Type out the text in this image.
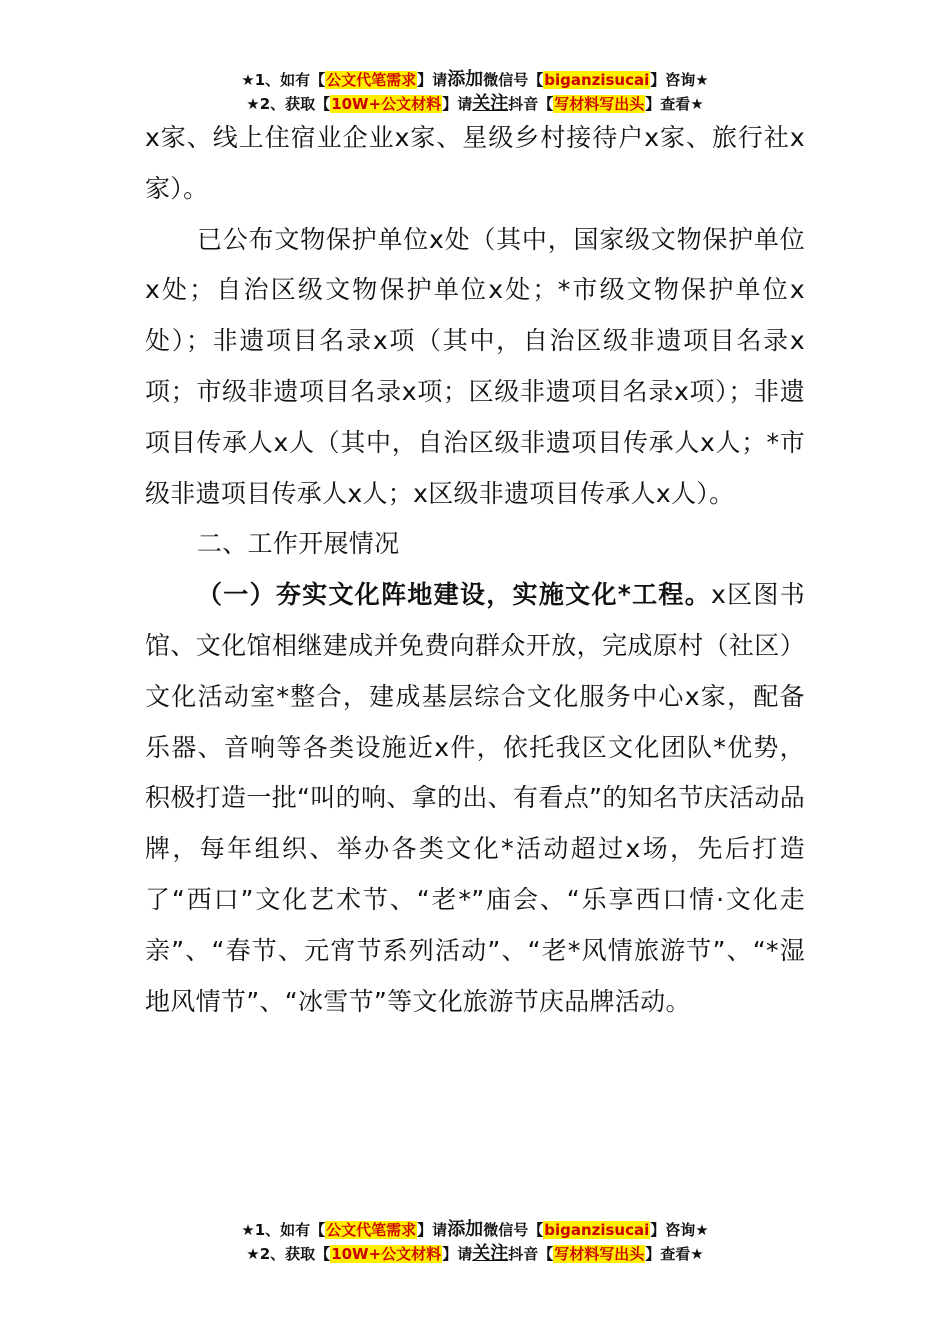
★1、如有【公文代笔需求】请添加微信号【biganzisucai】咨询★
★2、获取【10W+公文材料】请关注抖音【写材料写出头】查看★

x家、线上住宿业企业x家、星级乡村接待户x家、旅行社x家）。

已公布文物保护单位x处（其中，国家级文物保护单位x处；自治区级文物保护单位x处；*市级文物保护单位x处）；非遗项目名录x项（其中，自治区级非遗项目名录x项；市级非遗项目名录x项；区级非遗项目名录x项）；非遗项目传承人x人（其中，自治区级非遗项目传承人x人；*市级非遗项目传承人x人；x区级非遗项目传承人x人）。

二、工作开展情况

（一）夯实文化阵地建设，实施文化*工程。x区图书馆、文化馆相继建成并免费向群众开放，完成原村（社区）文化活动室*整合，建成基层综合文化服务中心x家，配备乐器、音响等各类设施近x件，依托我区文化团队*优势，积极打造一批“叫的响、拿的出、有看点”的知名节庆活动品牌，每年组织、举办各类文化*活动超过x场，先后打造了“西口”文化艺术节、“老*”庙会、“乐享西口情·文化走亲”、“春节、元宵节系列活动”、“老*风情旅游节”、“*湿地风情节”、“冰雪节”等文化旅游节庆品牌活动。

★1、如有【公文代笔需求】请添加微信号【biganzisucai】咨询★
★2、获取【10W+公文材料】请关注抖音【写材料写出头】查看★
